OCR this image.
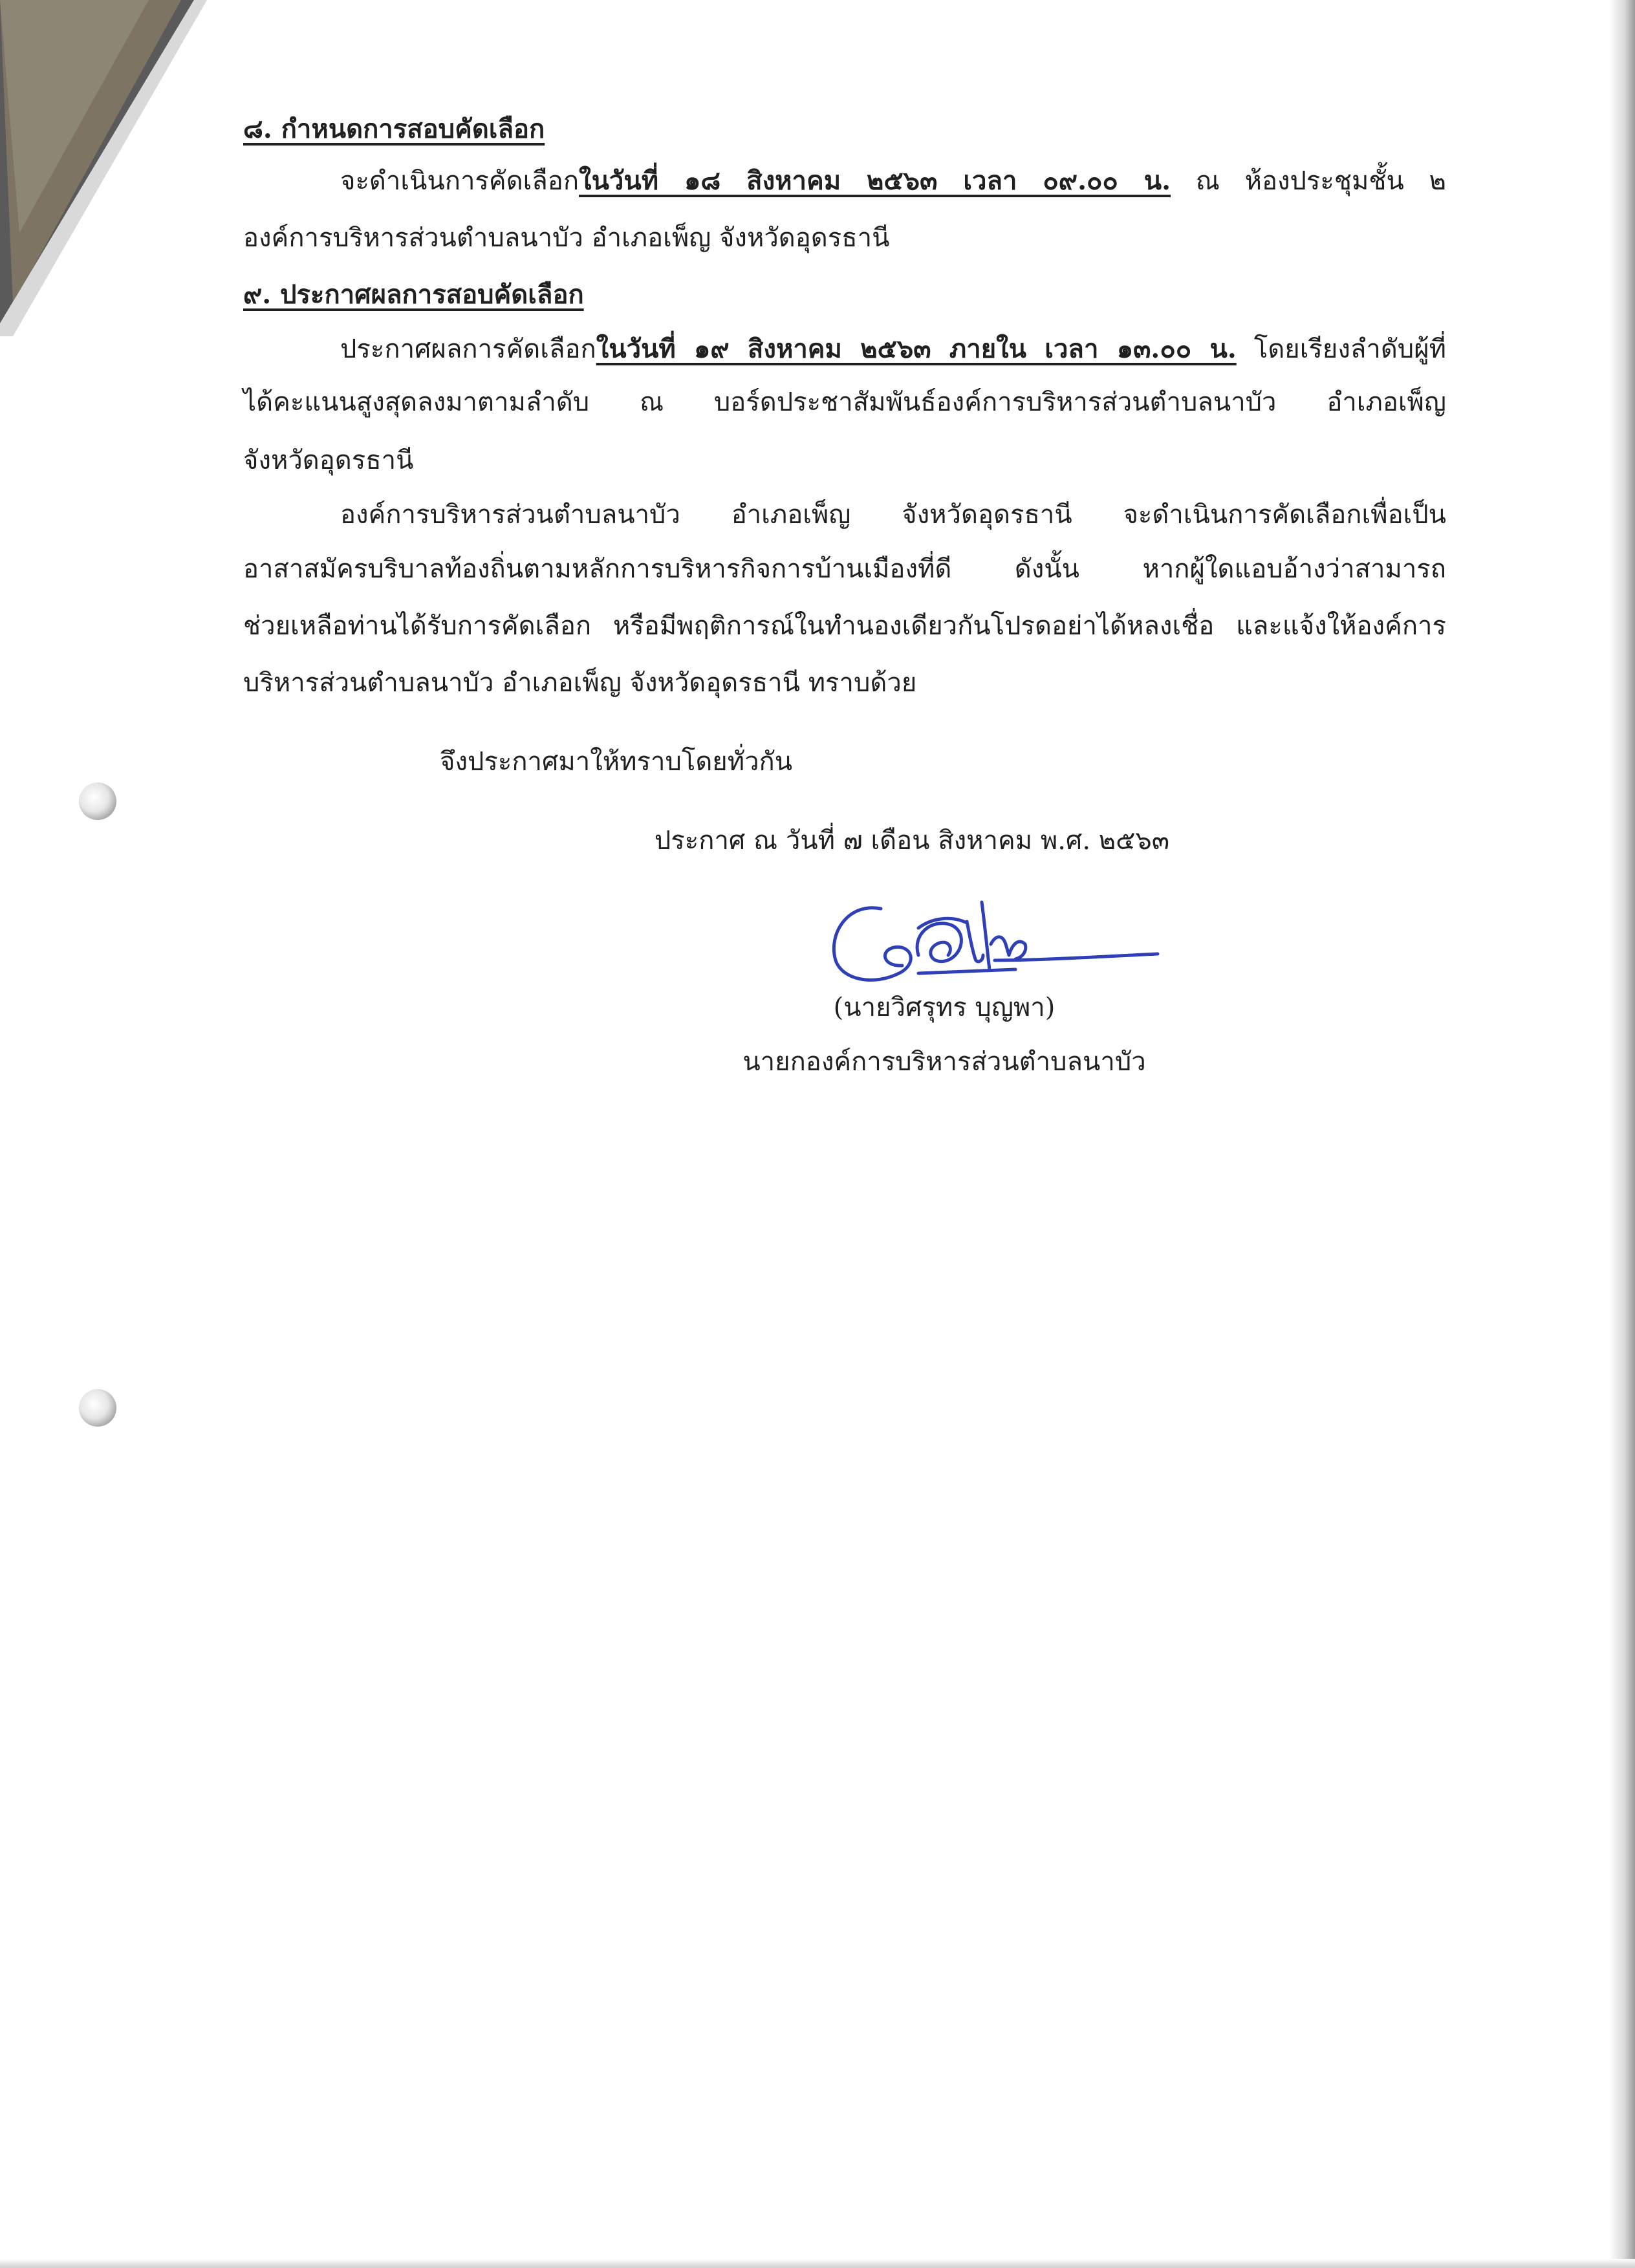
๘. กำหนดการสอบคัดเลือก
จะดำเนินการคัดเลือกในวันที่ ๑๘ สิงหาคม ๒๕๖๓ เวลา ๐๙.๐๐ น. ณ ห้องประชุมชั้น ๒
องค์การบริหารส่วนตำบลนาบัว อำเภอเพ็ญ จังหวัดอุดรธานี
๙. ประกาศผลการสอบคัดเลือก
ประกาศผลการคัดเลือกในวันที่ ๑๙ สิงหาคม ๒๕๖๓ ภายใน เวลา ๑๓.๐๐ น. โดยเรียงลำดับผู้ที่
ได้คะแนนสูงสุดลงมาตามลำดับ ณ บอร์ดประชาสัมพันธ์องค์การบริหารส่วนตำบลนาบัว อำเภอเพ็ญ
จังหวัดอุดรธานี
องค์การบริหารส่วนตำบลนาบัว อำเภอเพ็ญ จังหวัดอุดรธานี จะดำเนินการคัดเลือกเพื่อเป็น
อาสาสมัครบริบาลท้องถิ่นตามหลักการบริหารกิจการบ้านเมืองที่ดี ดังนั้น หากผู้ใดแอบอ้างว่าสามารถ
ช่วยเหลือท่านได้รับการคัดเลือก หรือมีพฤติการณ์ในทำนองเดียวกันโปรดอย่าได้หลงเชื่อ และแจ้งให้องค์การ
บริหารส่วนตำบลนาบัว อำเภอเพ็ญ จังหวัดอุดรธานี ทราบด้วย
จึงประกาศมาให้ทราบโดยทั่วกัน
ประกาศ ณ วันที่ ๗ เดือน สิงหาคม พ.ศ. ๒๕๖๓
(นายวิศรุทร บุญพา)
นายกองค์การบริหารส่วนตำบลนาบัว
